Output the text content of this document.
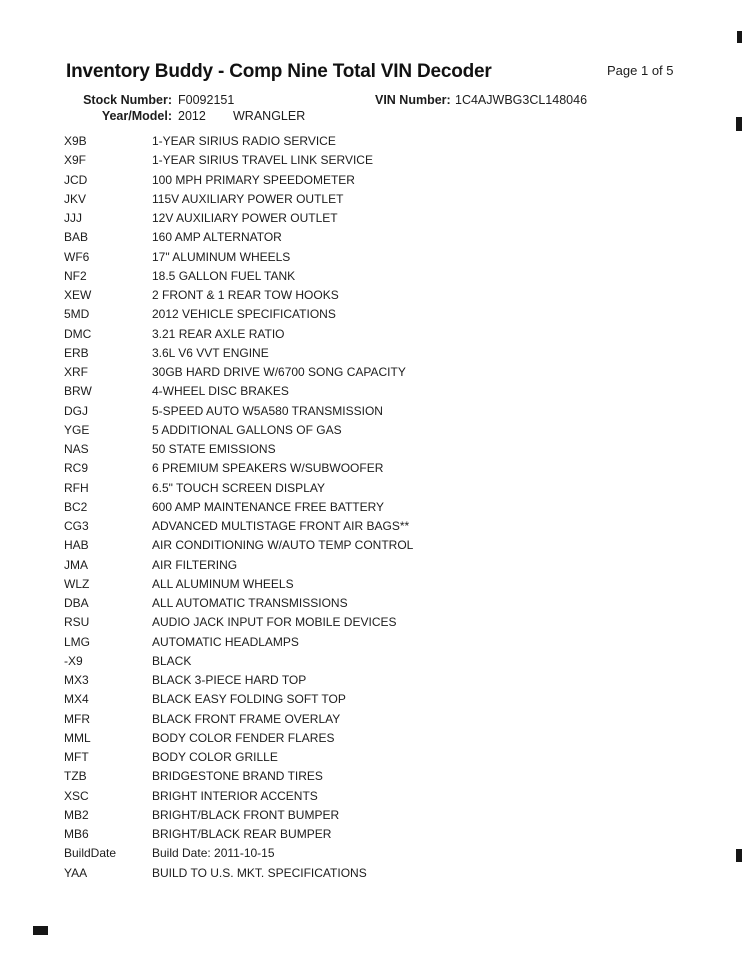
Inventory Buddy - Comp Nine Total VIN Decoder	Page 1 of 5
Stock Number: F0092151	VIN Number: 1C4AJWBG3CL148046
Year/Model: 2012 WRANGLER
X9B	1-YEAR SIRIUS RADIO SERVICE
X9F	1-YEAR SIRIUS TRAVEL LINK SERVICE
JCD	100 MPH PRIMARY SPEEDOMETER
JKV	115V AUXILIARY POWER OUTLET
JJJ	12V AUXILIARY POWER OUTLET
BAB	160 AMP ALTERNATOR
WF6	17" ALUMINUM WHEELS
NF2	18.5 GALLON FUEL TANK
XEW	2 FRONT & 1 REAR TOW HOOKS
5MD	2012 VEHICLE SPECIFICATIONS
DMC	3.21 REAR AXLE RATIO
ERB	3.6L V6 VVT ENGINE
XRF	30GB HARD DRIVE W/6700 SONG CAPACITY
BRW	4-WHEEL DISC BRAKES
DGJ	5-SPEED AUTO W5A580 TRANSMISSION
YGE	5 ADDITIONAL GALLONS OF GAS
NAS	50 STATE EMISSIONS
RC9	6 PREMIUM SPEAKERS W/SUBWOOFER
RFH	6.5" TOUCH SCREEN DISPLAY
BC2	600 AMP MAINTENANCE FREE BATTERY
CG3	ADVANCED MULTISTAGE FRONT AIR BAGS**
HAB	AIR CONDITIONING W/AUTO TEMP CONTROL
JMA	AIR FILTERING
WLZ	ALL ALUMINUM WHEELS
DBA	ALL AUTOMATIC TRANSMISSIONS
RSU	AUDIO JACK INPUT FOR MOBILE DEVICES
LMG	AUTOMATIC HEADLAMPS
-X9	BLACK
MX3	BLACK 3-PIECE HARD TOP
MX4	BLACK EASY FOLDING SOFT TOP
MFR	BLACK FRONT FRAME OVERLAY
MML	BODY COLOR FENDER FLARES
MFT	BODY COLOR GRILLE
TZB	BRIDGESTONE BRAND TIRES
XSC	BRIGHT INTERIOR ACCENTS
MB2	BRIGHT/BLACK FRONT BUMPER
MB6	BRIGHT/BLACK REAR BUMPER
BuildDate	Build Date: 2011-10-15
YAA	BUILD TO U.S. MKT. SPECIFICATIONS
